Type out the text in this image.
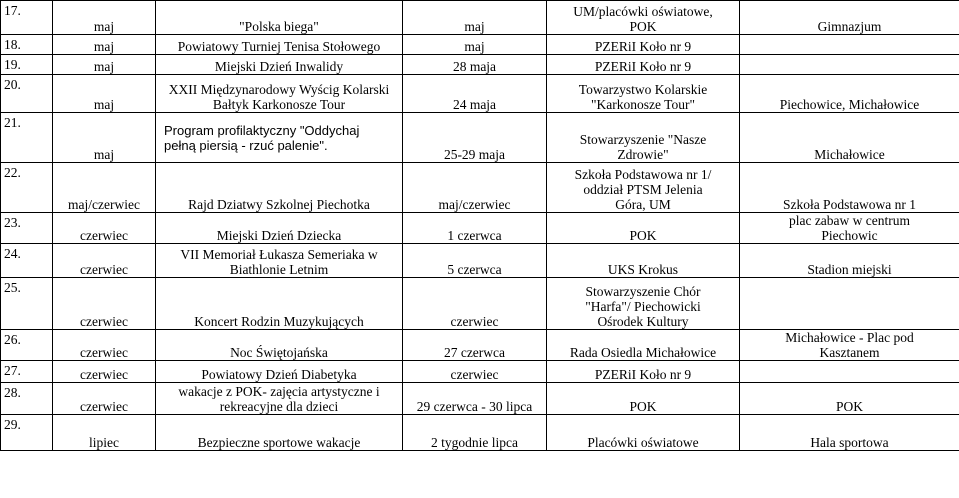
17.	maj	"Polska biega"	maj	UM/placówki oświatowe,
POK	Gimnazjum

18.	maj	Powiatowy Turniej Tenisa Stołowego	maj	PZERiI Koło nr 9	

19.	maj	Miejski Dzień Inwalidy	28 maja	PZERiI Koło nr 9	

20.	maj	XXII Międzynarodowy Wyścig Kolarski
Bałtyk Karkonosze Tour	24 maja	Towarzystwo Kolarskie
"Karkonosze Tour"	Piechowice, Michałowice

21.	maj	Program profilaktyczny "Oddychaj
pełną piersią - rzuć palenie".	25-29 maja	Stowarzyszenie "Nasze
Zdrowie"	Michałowice

22.	maj/czerwiec	Rajd Dziatwy Szkolnej Piechotka	maj/czerwiec	Szkoła Podstawowa nr 1/
oddział PTSM Jelenia
Góra, UM	Szkoła Podstawowa nr 1

23.	czerwiec	Miejski Dzień Dziecka	1 czerwca	POK	plac zabaw w centrum
Piechowic

24.	czerwiec	VII Memoriał Łukasza Semeriaka w
Biathlonie Letnim	5 czerwca	UKS Krokus	Stadion miejski

25.	czerwiec	Koncert Rodzin Muzykujących	czerwiec	Stowarzyszenie Chór
"Harfa"/ Piechowicki
Ośrodek Kultury	

26.	czerwiec	Noc Świętojańska	27 czerwca	Rada Osiedla Michałowice	Michałowice - Plac pod
Kasztanem

27.	czerwiec	Powiatowy Dzień Diabetyka	czerwiec	PZERiI Koło nr 9	

28.	czerwiec	wakacje z POK- zajęcia artystyczne i
rekreacyjne dla dzieci	29 czerwca - 30 lipca	POK	POK

29.	lipiec	Bezpieczne sportowe wakacje	2 tygodnie lipca	Placówki oświatowe	Hala sportowa
